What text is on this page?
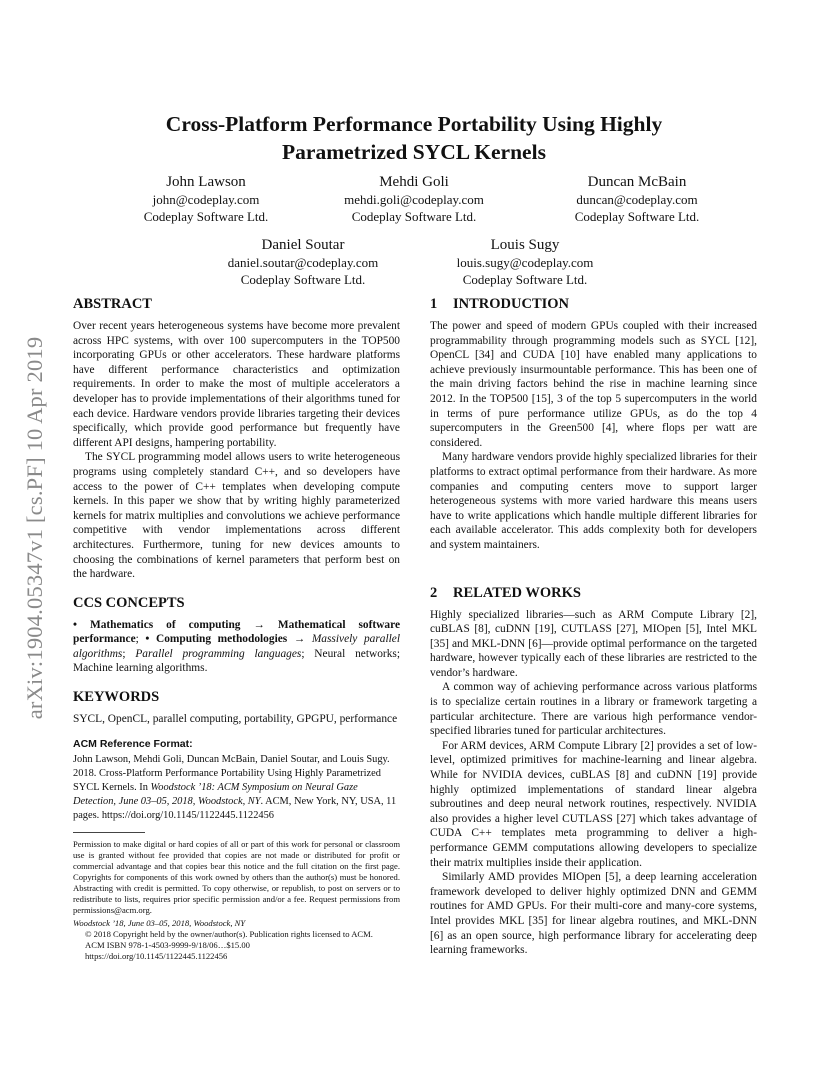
arXiv:1904.05347v1 [cs.PF] 10 Apr 2019
Cross-Platform Performance Portability Using Highly
Parametrized SYCL Kernels
John Lawson
john@codeplay.com
Codeplay Software Ltd.
Mehdi Goli
mehdi.goli@codeplay.com
Codeplay Software Ltd.
Duncan McBain
duncan@codeplay.com
Codeplay Software Ltd.
Daniel Soutar
daniel.soutar@codeplay.com
Codeplay Software Ltd.
Louis Sugy
louis.sugy@codeplay.com
Codeplay Software Ltd.
ABSTRACT

Over recent years heterogeneous systems have become more prevalent across HPC systems, with over 100 supercomputers in the TOP500 incorporating GPUs or other accelerators. These hardware platforms have different performance characteristics and optimization requirements. In order to make the most of multiple accelerators a developer has to provide implementations of their algorithms tuned for each device. Hardware vendors provide libraries targeting their devices specifically, which provide good performance but frequently have different API designs, hampering portability.

The SYCL programming model allows users to write heterogeneous programs using completely standard C++, and so developers have access to the power of C++ templates when developing compute kernels. In this paper we show that by writing highly parameterized kernels for matrix multiplies and convolutions we achieve performance competitive with vendor implementations across different architectures. Furthermore, tuning for new devices amounts to choosing the combinations of kernel parameters that perform best on the hardware.

CCS CONCEPTS

• Mathematics of computing → Mathematical software performance; • Computing methodologies → Massively parallel algorithms; Parallel programming languages; Neural networks; Machine learning algorithms.

KEYWORDS

SYCL, OpenCL, parallel computing, portability, GPGPU, performance

ACM Reference Format:

John Lawson, Mehdi Goli, Duncan McBain, Daniel Soutar, and Louis Sugy. 2018. Cross-Platform Performance Portability Using Highly Parametrized SYCL Kernels. In Woodstock ’18: ACM Symposium on Neural Gaze Detection, June 03–05, 2018, Woodstock, NY. ACM, New York, NY, USA, 11 pages. https://doi.org/10.1145/1122445.1122456

Permission to make digital or hard copies of all or part of this work for personal or classroom use is granted without fee provided that copies are not made or distributed for profit or commercial advantage and that copies bear this notice and the full citation on the first page. Copyrights for components of this work owned by others than the author(s) must be honored. Abstracting with credit is permitted. To copy otherwise, or republish, to post on servers or to redistribute to lists, requires prior specific permission and/or a fee. Request permissions from permissions@acm.org.

Woodstock ’18, June 03–05, 2018, Woodstock, NY

© 2018 Copyright held by the owner/author(s). Publication rights licensed to ACM.

ACM ISBN 978-1-4503-9999-9/18/06…$15.00

https://doi.org/10.1145/1122445.1122456

1 INTRODUCTION

The power and speed of modern GPUs coupled with their increased programmability through programming models such as SYCL [12], OpenCL [34] and CUDA [10] have enabled many applications to achieve previously insurmountable performance. This has been one of the main driving factors behind the rise in machine learning since 2012. In the TOP500 [15], 3 of the top 5 supercomputers in the world in terms of pure performance utilize GPUs, as do the top 4 supercomputers in the Green500 [4], where flops per watt are considered.

Many hardware vendors provide highly specialized libraries for their platforms to extract optimal performance from their hardware. As more companies and computing centers move to support larger heterogeneous systems with more varied hardware this means users have to write applications which handle multiple different libraries for each available accelerator. This adds complexity both for developers and system maintainers.

2 RELATED WORKS

Highly specialized libraries—such as ARM Compute Library [2], cuBLAS [8], cuDNN [19], CUTLASS [27], MIOpen [5], Intel MKL [35] and MKL-DNN [6]—provide optimal performance on the targeted hardware, however typically each of these libraries are restricted to the vendor’s hardware.

A common way of achieving performance across various platforms is to specialize certain routines in a library or framework targeting a particular architecture. There are various high performance vendor-specified libraries tuned for particular architectures.

For ARM devices, ARM Compute Library [2] provides a set of low-level, optimized primitives for machine-learning and linear algebra. While for NVIDIA devices, cuBLAS [8] and cuDNN [19] provide highly optimized implementations of standard linear algebra subroutines and deep neural network routines, respectively. NVIDIA also provides a higher level CUTLASS [27] which takes advantage of CUDA C++ templates meta programming to deliver a high-performance GEMM computations allowing developers to specialize their matrix multiplies inside their application.

Similarly AMD provides MIOpen [5], a deep learning acceleration framework developed to deliver highly optimized DNN and GEMM routines for AMD GPUs. For their multi-core and many-core systems, Intel provides MKL [35] for linear algebra routines, and MKL-DNN [6] as an open source, high performance library for accelerating deep learning frameworks.
